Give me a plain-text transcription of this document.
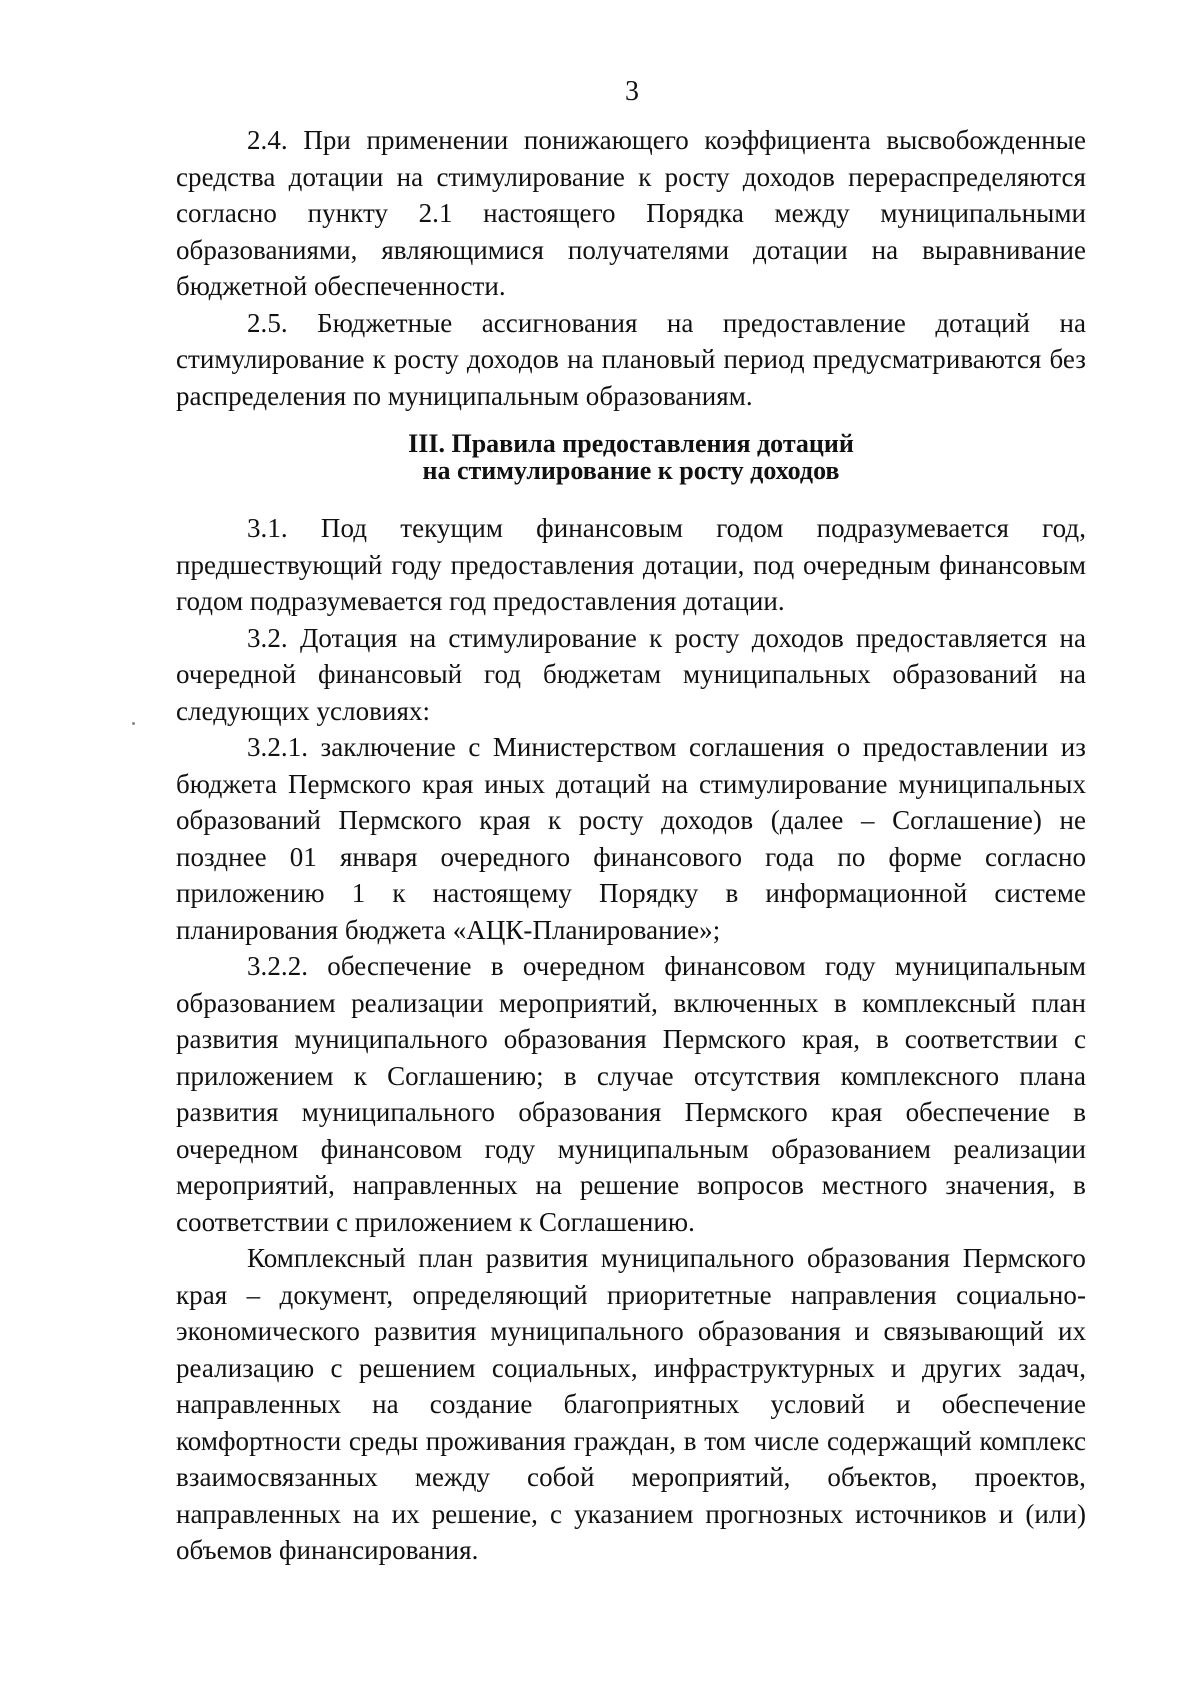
3

2.4. При применении понижающего коэффициента высвобожденные средства дотации на стимулирование к росту доходов перераспределяются согласно пункту 2.1 настоящего Порядка между муниципальными образованиями, являющимися получателями дотации на выравнивание бюджетной обеспеченности.

2.5. Бюджетные ассигнования на предоставление дотаций на стимулирование к росту доходов на плановый период предусматриваются без распределения по муниципальным образованиям.

III. Правила предоставления дотаций
на стимулирование к росту доходов

3.1. Под текущим финансовым годом подразумевается год, предшествующий году предоставления дотации, под очередным финансовым годом подразумевается год предоставления дотации.

3.2. Дотация на стимулирование к росту доходов предоставляется на очередной финансовый год бюджетам муниципальных образований на следующих условиях:

3.2.1. заключение с Министерством соглашения о предоставлении из бюджета Пермского края иных дотаций на стимулирование муниципальных образований Пермского края к росту доходов (далее – Соглашение) не позднее 01 января очередного финансового года по форме согласно приложению 1 к настоящему Порядку в информационной системе планирования бюджета «АЦК-Планирование»;

3.2.2. обеспечение в очередном финансовом году муниципальным образованием реализации мероприятий, включенных в комплексный план развития муниципального образования Пермского края, в соответствии с приложением к Соглашению; в случае отсутствия комплексного плана развития муниципального образования Пермского края обеспечение в очередном финансовом году муниципальным образованием реализации мероприятий, направленных на решение вопросов местного значения, в соответствии с приложением к Соглашению.

Комплексный план развития муниципального образования Пермского края – документ, определяющий приоритетные направления социально-экономического развития муниципального образования и связывающий их реализацию с решением социальных, инфраструктурных и других задач, направленных на создание благоприятных условий и обеспечение комфортности среды проживания граждан, в том числе содержащий комплекс взаимосвязанных между собой мероприятий, объектов, проектов, направленных на их решение, с указанием прогнозных источников и (или) объемов финансирования.
